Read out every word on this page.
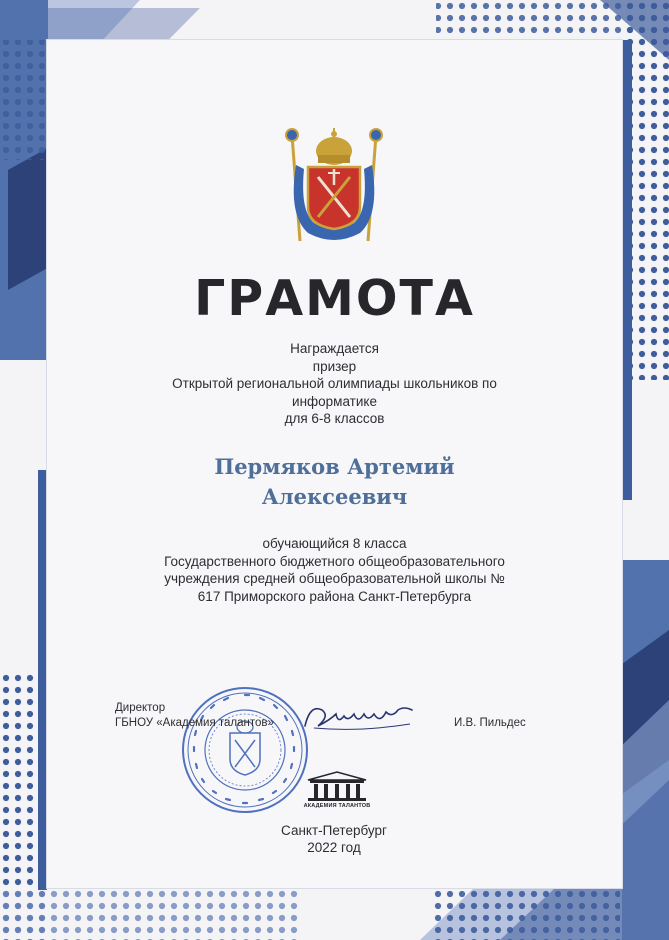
ГРАМОТА
Награждается
призер
Открытой региональной олимпиады школьников по
информатике
для 6-8 классов
Пермяков Артемий
Алексеевич
обучающийся 8 класса
Государственного бюджетного общеобразовательного
учреждения средней общеобразовательной школы №
617 Приморского района Санкт-Петербурга
Директор
ГБНОУ «Академия талантов»	И.В. Пильдес
АКАДЕМИЯ ТАЛАНТОВ
Санкт-Петербург
2022 год
